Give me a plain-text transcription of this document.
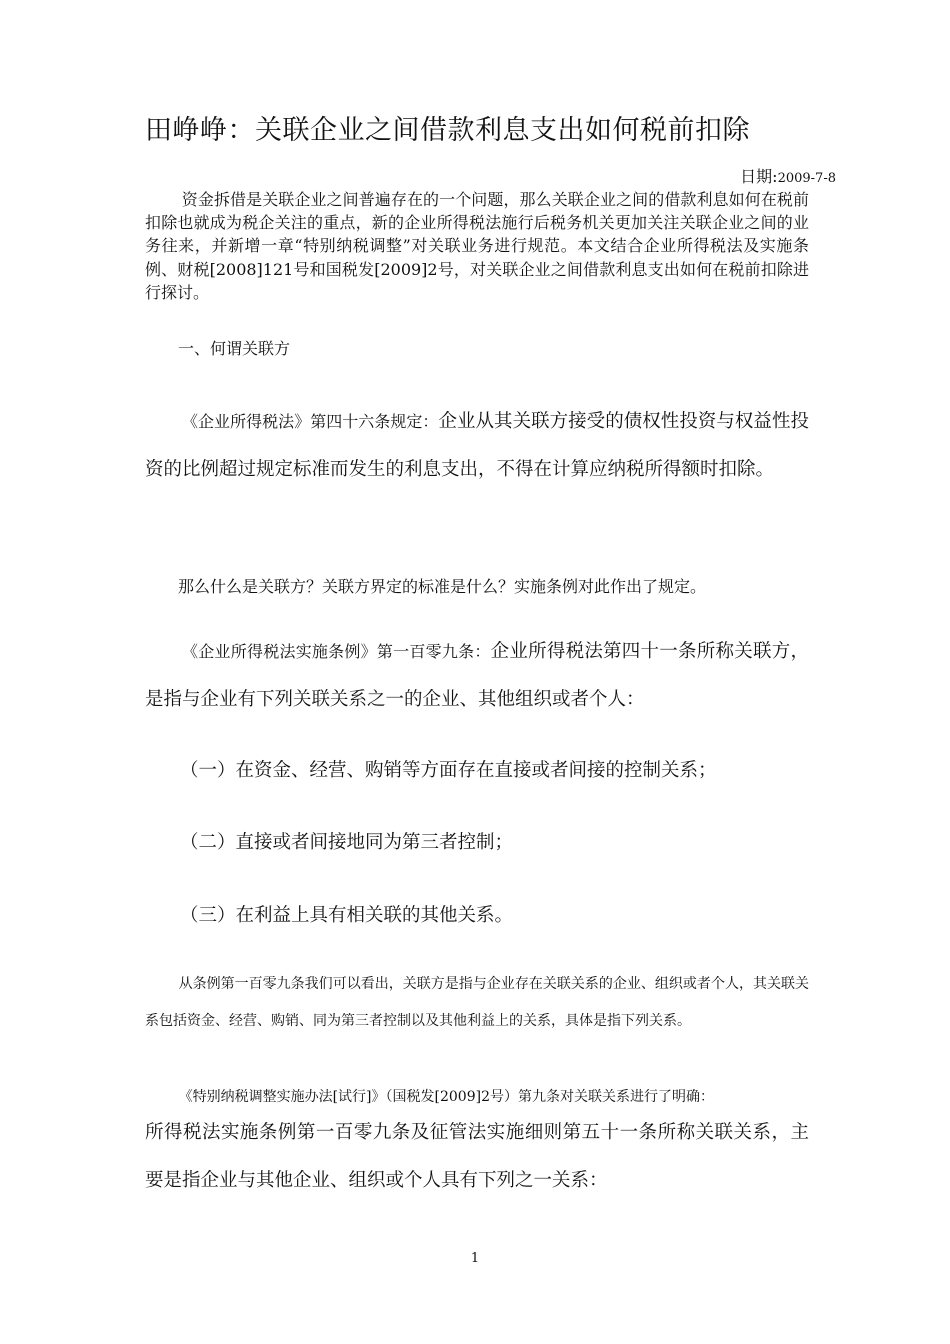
田峥峥：关联企业之间借款利息支出如何税前扣除
日期:2009-7-8
资金拆借是关联企业之间普遍存在的一个问题，那么关联企业之间的借款利息如何在税前扣除也就成为税企关注的重点，新的企业所得税法施行后税务机关更加关注关联企业之间的业务往来，并新增一章“特别纳税调整”对关联业务进行规范。本文结合企业所得税法及实施条例、财税[2008]121号和国税发[2009]2号，对关联企业之间借款利息支出如何在税前扣除进行探讨。
一、何谓关联方
《企业所得税法》第四十六条规定：企业从其关联方接受的债权性投资与权益性投资的比例超过规定标准而发生的利息支出，不得在计算应纳税所得额时扣除。
那么什么是关联方？关联方界定的标准是什么？实施条例对此作出了规定。
《企业所得税法实施条例》第一百零九条：企业所得税法第四十一条所称关联方，是指与企业有下列关联关系之一的企业、其他组织或者个人：
（一）在资金、经营、购销等方面存在直接或者间接的控制关系；
（二）直接或者间接地同为第三者控制；
（三）在利益上具有相关联的其他关系。
从条例第一百零九条我们可以看出，关联方是指与企业存在关联关系的企业、组织或者个人，其关联关系包括资金、经营、购销、同为第三者控制以及其他利益上的关系，具体是指下列关系。
《特别纳税调整实施办法[试行]》（国税发[2009]2号）第九条对关联关系进行了明确：
所得税法实施条例第一百零九条及征管法实施细则第五十一条所称关联关系，主要是指企业与其他企业、组织或个人具有下列之一关系：
1
